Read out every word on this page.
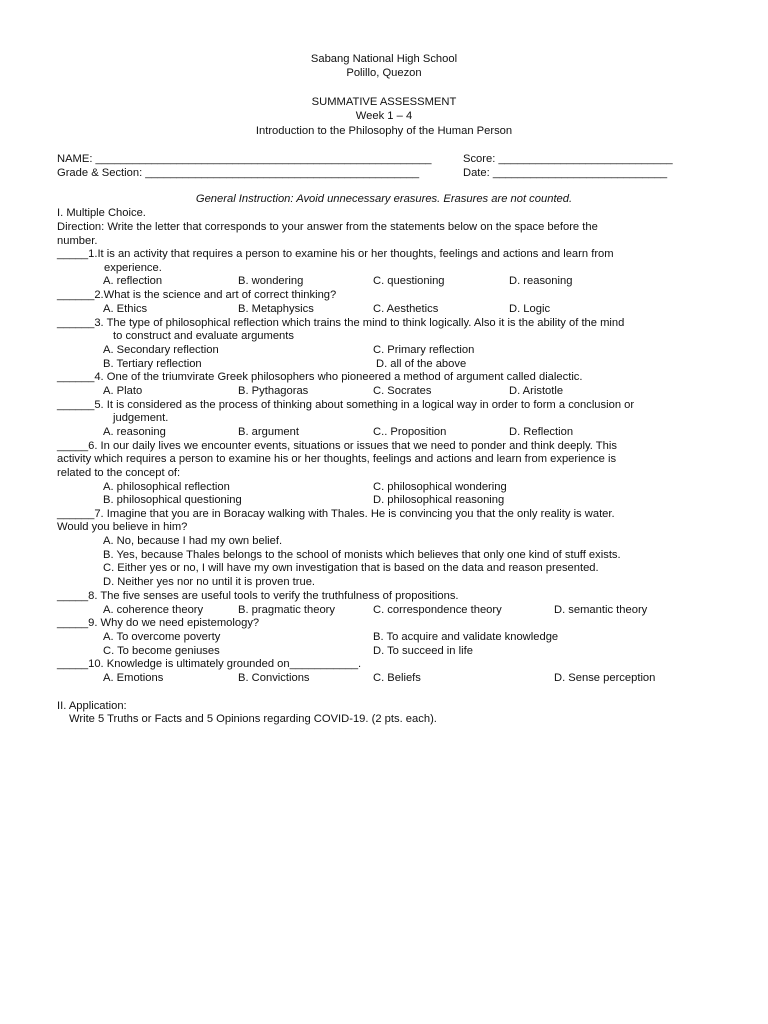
Sabang National High School
Polillo, Quezon
SUMMATIVE ASSESSMENT
Week 1 – 4
Introduction to the Philosophy of the Human Person
NAME: ______________________________________________________	Score: ____________________________
Grade & Section: ____________________________________________	Date: ____________________________
General Instruction: Avoid unnecessary erasures. Erasures are not counted.
I. Multiple Choice.
Direction: Write the letter that corresponds to your answer from the statements below on the space before the
number.
_____1.It is an activity that requires a person to examine his or her thoughts, feelings and actions and learn from
experience.
A. reflection	B. wondering	C. questioning	D. reasoning
______2.What is the science and art of correct thinking?
A. Ethics	B. Metaphysics	C. Aesthetics	D. Logic
______3. The type of philosophical reflection which trains the mind to think logically. Also it is the ability of the mind
to construct and evaluate arguments
A. Secondary reflection	C. Primary reflection
B. Tertiary reflection	D. all of the above
______4. One of the triumvirate Greek philosophers who pioneered a method of argument called dialectic.
A. Plato	B. Pythagoras	C. Socrates	D. Aristotle
______5. It is considered as the process of thinking about something in a logical way in order to form a conclusion or
judgement.
A. reasoning	B. argument	C.. Proposition	D. Reflection
_____6. In our daily lives we encounter events, situations or issues that we need to ponder and think deeply. This
activity which requires a person to examine his or her thoughts, feelings and actions and learn from experience is
related to the concept of:
A. philosophical reflection	C. philosophical wondering
B. philosophical questioning	D. philosophical reasoning
______7. Imagine that you are in Boracay walking with Thales. He is convincing you that the only reality is water.
Would you believe in him?
A. No, because I had my own belief.
B. Yes, because Thales belongs to the school of monists which believes that only one kind of stuff exists.
C. Either yes or no, I will have my own investigation that is based on the data and reason presented.
D. Neither yes nor no until it is proven true.
_____8. The five senses are useful tools to verify the truthfulness of propositions.
A. coherence theory	B. pragmatic theory	C. correspondence theory	D. semantic theory
_____9. Why do we need epistemology?
A. To overcome poverty	B. To acquire and validate knowledge
C. To become geniuses	D. To succeed in life
_____10. Knowledge is ultimately grounded on___________.
A. Emotions	B. Convictions	C. Beliefs	D. Sense perception
II. Application:
Write 5 Truths or Facts and 5 Opinions regarding COVID-19. (2 pts. each).
